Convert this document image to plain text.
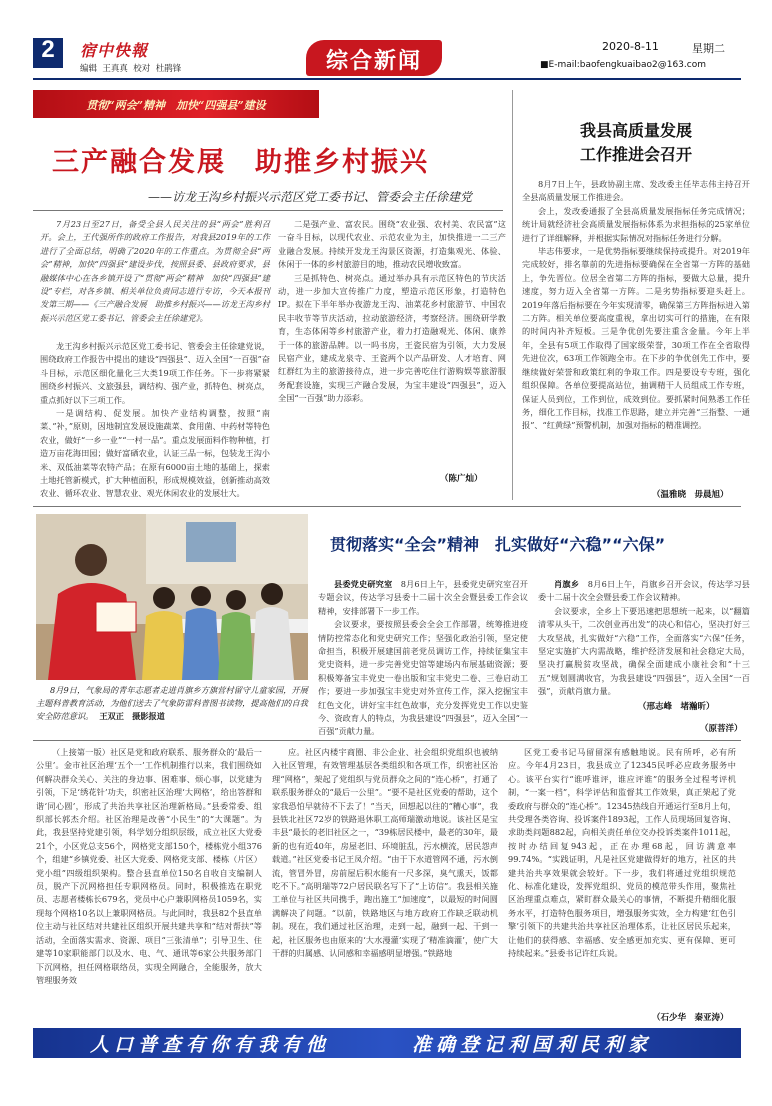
2	宿中快報
编辑  王真真  校对  杜鹃锋	综合新闻
2020-8-11	星期二
■E-mail:baofengkuaibao2@163.com
贯彻“两会”精神　加快“四强县”建设
三产融合发展　助推乡村振兴
——访龙王沟乡村振兴示范区党工委书记、管委会主任徐建党

7月23日至27日，备受全县人民关注的县“两会”胜利召开。会上，王代强所作的政府工作报告，对我县2019年的工作进行了全面总结，明确了2020年的工作重点。为贯彻全县“两会”精神，加快“四强县”建设步伐，按照县委、县政府要求，县融媒体中心在各乡镇开设了“贯彻“两会”精神　加快“四强县”建设”专栏，对各乡镇、相关单位负责同志进行专访，今天本报刊发第三期——《三产融合发展　助推乡村振兴——访龙王沟乡村振兴示范区党工委书记、管委会主任徐建党》。

龙王沟乡村振兴示范区党工委书记、管委会主任徐建党说，围绕政府工作报告中提出的建设“四强县”、迈入全国“一百强”奋斗目标，示范区细化量化三大类19项工作任务。下一步将紧紧围绕乡村振兴、文旅强县，调结构、强产业，抓特色、树亮点，重点抓好以下三项工作。

一是调结构、促发展。加快产业结构调整，按照“南菜、”补，”原则，因地制宜发展设施蔬菜、食用菌、中药材等特色农业，做好“一乡一业”“一村一品”。重点发展面料作物种植，打造万亩花海田园；做好富硒农业，认证三品一标，包装龙王沟小米、双低油菜等农特产品；在原有6000亩土地的基础上，探索土地托管新模式，扩大种植面积，形成规模效益，创新推动高效农业、循环农业、智慧农业、观光休闲农业的发展壮大。

二是强产业、富农民。围绕“农业强、农村美、农民富”这一奋斗目标，以现代农业、示范农业为主，加快推进一二三产业融合发展。持续开发龙王沟景区资源，打造集观光、体验、休闲于一体的乡村旅游目的地，推动农民增收致富。

三是抓特色、树亮点。通过举办具有示范区特色的节庆活动，进一步加大宣传推广力度，塑造示范区形象，打造特色IP。拟在下半年举办夜游龙王沟、油菜花乡村旅游节、中国农民丰收节等节庆活动，拉动旅游经济，考察经济。围绕研学教育，生态体闲等乡村旅游产业，着力打造融观光、体闲、康养于一体的旅游品牌。以一吗书房，王瓷民宿为引领，大力发展民宿产业，建成龙泉寺、王瓷两个以产品研发、人才培育、网红群红为主的旅游接待点，进一步完善吃住行游购娱等旅游服务配套设施，实现三产融合发展，为宝丰建设“四强县”，迈入全国“一百强”助力添彩。

（陈广灿）
我县高质量发展
工作推进会召开

8月7日上午，县政协副主席、发改委主任毕志伟主持召开全县高质量发展工作推进会。

会上，发改委通报了全县高质量发展指标任务完成情况；统计局就经济社会高质量发展指标体系为求担指标的25家单位进行了详细解释，并根据实际情况对指标任务进行分解。

毕志伟要求，一是优势指标要继续保持或提升。对2019年完成较好，排名靠前的先进指标要确保在全省第一方阵的基础上，争先晋位。位居全省第二方阵的指标，要做大总量，提升速度，努力迈入全省第一方阵。二是劣势指标要迎头赶上。2019年落后指标要在今年实现清零，确保第三方阵指标进入第二方阵。相关单位要高度重视，拿出切实可行的措施，在有限的时间内补齐短板。三是争优创先要注重含金量。今年上半年，全县有5项工作取得了国家级荣誉，30项工作在全省取得先进位次，63项工作领跑全市。在下步的争优创先工作中，要继续做好荣誉和政策红利的争取工作。四是要设专专班，强化组织保障。各单位要提高站位，抽调精干人员组成工作专班，保证人员到位，工作到位，成效到位。要抓紧时间熟悉工作任务，细化工作目标，找准工作思路，建立并完善“三指整、一通报”、“红黄绿”预警机制，加强对指标的精准调控。

（温雅晓　毋晨旭）
8月9日，气象局的青年志愿者走进肖旗乡方旗营村留守儿童家园，开展主题科普教育活动，为他们送去了气象防雷科普图书读物，提高他们的自我安全防范意识。 王双正　摄影报道
贯彻落实“全会”精神　扎实做好“六稳”“六保”

县委党史研究室　 8月6日上午，县委党史研究室召开专题会议，传达学习县委十二届十次全会暨县委工作会议精神，安排部署下一步工作。

会议要求，要按照县委会全会工作部署，统筹推进疫情防控常态化和党史研究工作；坚强化政治引领，坚定使命担当，积极开展建国前老党员调访工作，持续征集宝丰党史资料，进一步完善党史馆等建场内布展基础资源；要积极筹备宝丰党史一卷出版和宝丰党史二卷、三卷启动工作；要进一步加强宝丰党史对外宣传工作，深入挖掘宝丰红色文化，讲好宝丰红色故事，充分发挥党史工作以史鉴今、资政育人的特点，为我县建设“四强县”，迈入全国“一百强”贡献力量。

肖旗乡　 8月6日上午，肖旗乡召开会议，传达学习县委十二届十次全会暨县委工作会议精神。

会议要求，全乡上下要迅速把思想统一起来，以“翻篇清零从头干，二次创业再出发”的决心和信心，坚决打好三大攻坚战，扎实做好“六稳”工作，全面落实“六保”任务，坚定实施扩大内需战略，维护经济发展和社会稳定大局，坚决打赢脱贫攻坚战，确保全面建成小康社会和“十三五”规划圆满收官，为我县建设“四强县”，迈入全国“一百强”，贡献肖旗力量。

（邢志峰　堵瀚昕）
（原菩洋）

（上接第一版）社区是党和政府联系、服务群众的‘最后一公里’。金市社区治理‘五个一’工作机制推行以来，我们围绕如何解决群众关心、关注的身边事、困难事、烦心事，以党建为引领，下足‘绣花针’功夫，织密社区治理‘大网格’，给出答群和谐‘同心圆’，形成了共治共享社区治理新格局。”县委常委、组织部长郭杰介绍。社区治理是改善“小民生”的“大课题”。为此，我县坚持党建引领，科学划分组织层级，成立社区大党委21个，小区党总支56个，网格党支部150个，楼栋党小组376个，组建“乡镇党委、社区大党委、网格党支部、楼栋（片区）党小组”四级组织架构。整合县直单位150名自收自支编制人员，脱产下沉网格担任专职网格员。同时，积极推选在职党员、志愿者楼栋长679名，党员中心户兼职网格员1059名，实现每个网格10名以上兼职网格员。与此同时，我县82个县直单位主动与社区结对共建社区组织开展共建共享和“结对帮扶”等活动，全面落实需求、资源、项目“三张清单”；引导卫生、住建等10家职能部门以及水、电、气、通讯等6家公共服务部门下沉网格，担任网格联络员，实现全网融合，全能服务，放大管理服务效

应。社区内楼宇商圈、非公企业、社会组织党组织也被纳入社区管理，有效管理基层各类组织和各项工作，织密社区治理“网格”，架起了党组织与党员群众之间的“连心桥”，打通了联系服务群众的“最后一公里”。“要不是社区党委的帮助，这个家我恐怕早就待不下去了！”当天，回想起以往的“糟心事”，我县铁北社区72岁的铁路退休职工高师瑞激动地说。该社区是宝丰县“最长的老旧社区之一，“39栋居民楼中，最老的30年，最新的也有近40年，房屋老旧、环境脏乱，污水横流，居民怨声载道。”社区党委书记王凤介绍。“由于下水道管网不通，污水倒流，管冒外冒，房前屋后积水能有一尺多深，臭气熏天，饭都吃不下。”高明瑞等72户居民联名写下了“上访信”。我县相关施工单位与社区共同携手，跑出施工“加速度”，以最短的时间圆满解决了问题。“以前，铁路地区与地方政府工作缺乏联动机制。现在，我们通过社区治理，走到一起，融到一起、干到一起，社区服务也由原来的‘大水漫灌’实现了‘精准滴灌’，使广大干群的归属感、认同感和幸福感明显增强。”铁路地

区党工委书记马留留深有感触地说。民有所呼，必有所应。今年4月23日，我县成立了12345民呼必应政务服务中心。该平台实行“谁呼谁评，谁应评谁”的服务全过程考评机制，“一案一档”，科学评估和监督其工作效果，真正架起了党委政府与群众的“连心桥”。12345热线自开通运行至8月上旬，共受理各类咨询、投诉案件1893起，工作人员现场回复咨询、求助类问题882起，向相关责任单位交办投诉类案件1011起，按时办结回复943起，正在办理68起，回访满意率99.74%。“实践证明，凡是社区党建做得好的地方，社区的共建共治共享效果就会较好。下一步，我们将通过党组织规范化、标准化建设，发挥党组织、党员的模范带头作用，聚焦社区治理重点难点，紧盯群众最关心的事情，不断提升精细化服务水平，打造特色服务项目，增强服务实效，全力构建‘红色引擎’引领下的共建共治共享社区治理体系，让社区居民乐起来，让他们的获得感、幸福感、安全感更加充实、更有保障、更可持续起来。”县委书记许红兵说。

（石少华　秦亚涛）
人口普查有你有我有他	准确登记利国利民利家
